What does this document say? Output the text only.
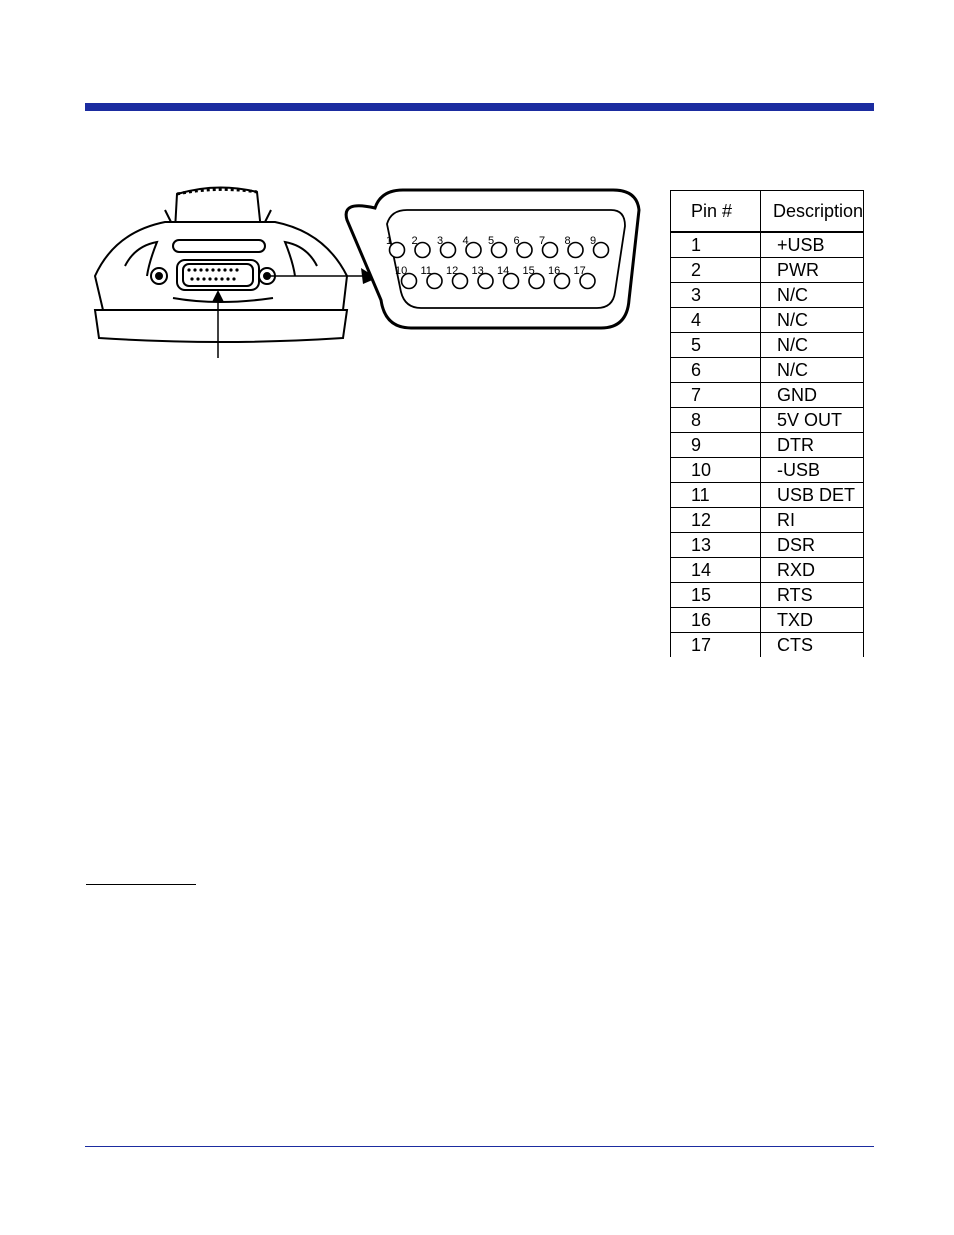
1 2 3 4 5 6 7 8 9
10 11 12 13 14 15 16 17
Pin #	Description
1	+USB
2	PWR
3	N/C
4	N/C
5	N/C
6	N/C
7	GND
8	5V OUT
9	DTR
10	-USB
11	USB DET
12	RI
13	DSR
14	RXD
15	RTS
16	TXD
17	CTS
